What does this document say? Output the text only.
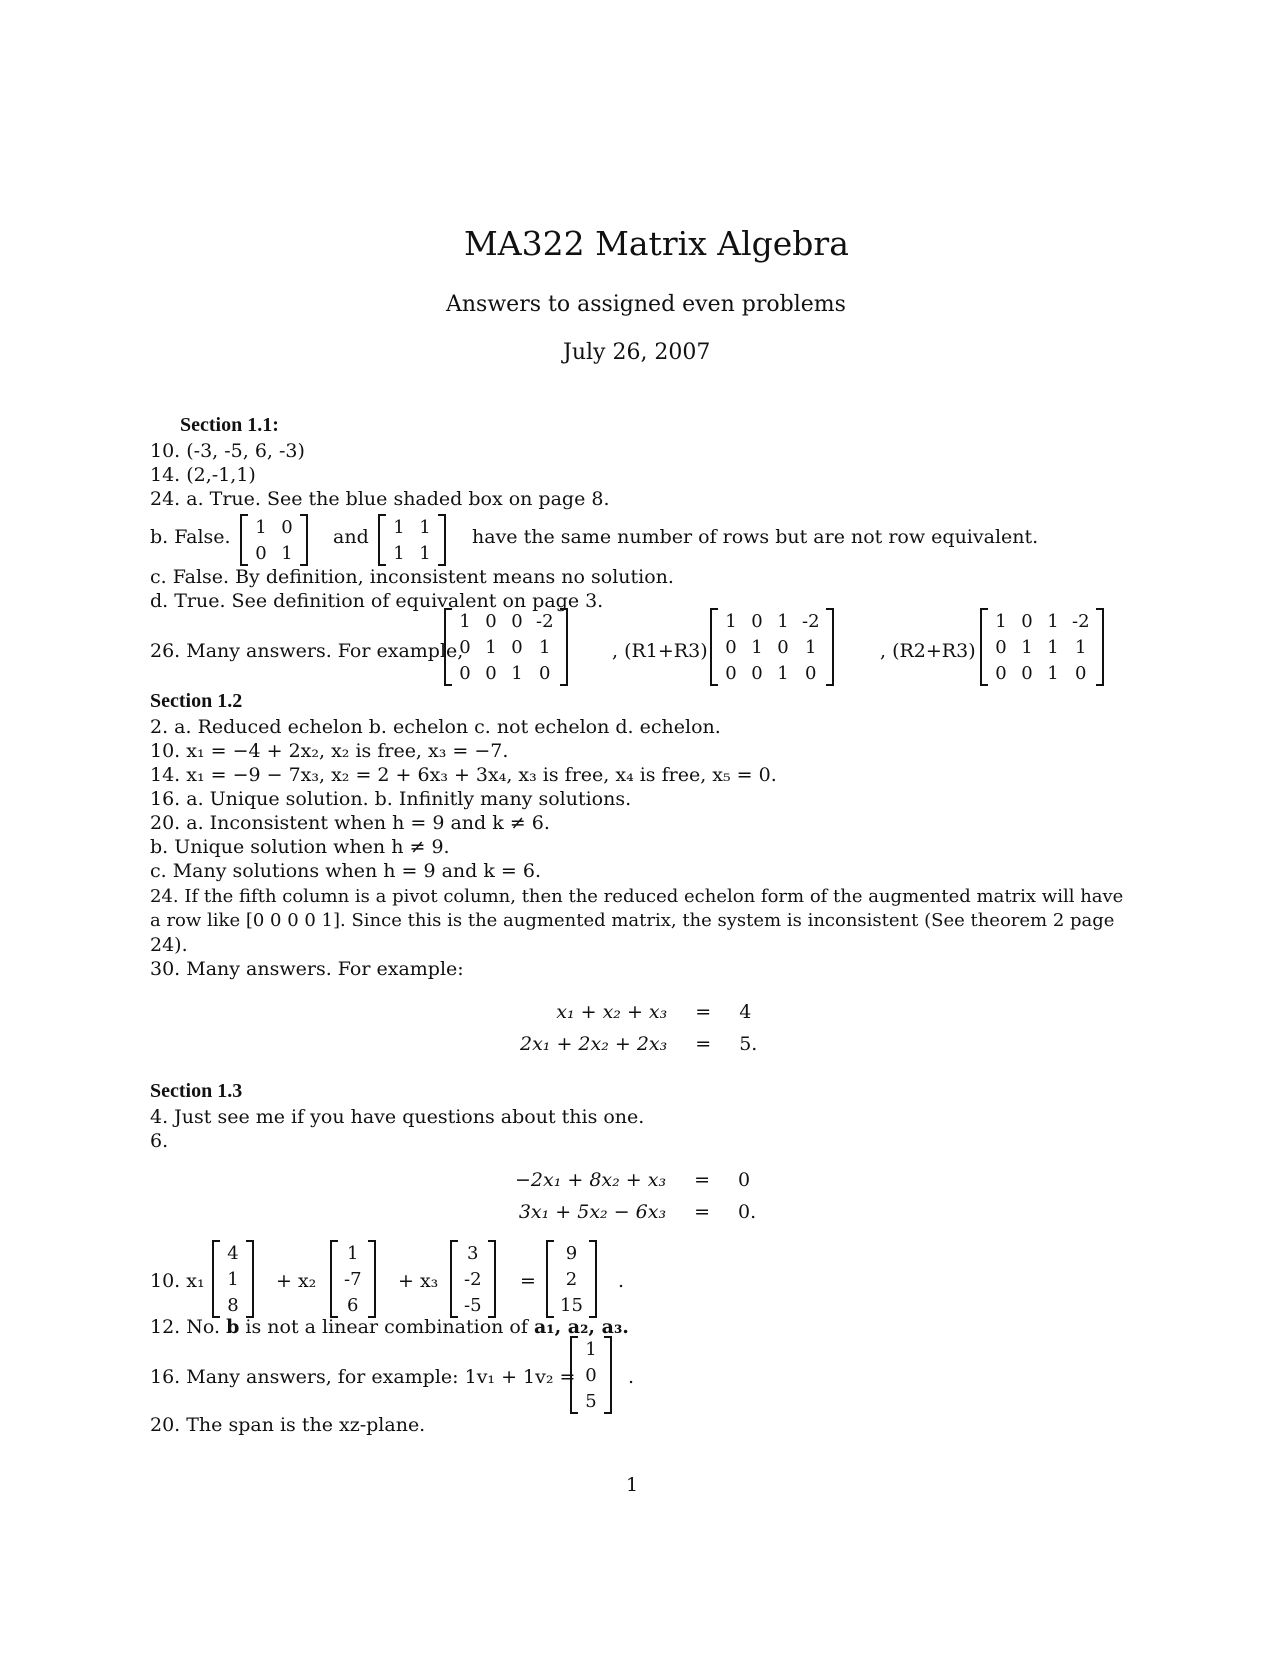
MA322 Matrix Algebra
Answers to assigned even problems
July 26, 2007
Section 1.1:
10. (-3, -5, 6, -3)
14. (2,-1,1)
24. a. True. See the blue shaded box on page 8.
b. False. 1	0
0	1
and 1	1
1	1
have the same number of rows but are not row equivalent.
c. False. By definition, inconsistent means no solution.
d. True. See definition of equivalent on page 3.
26. Many answers. For example,
1	0	0	-2
0	1	0	1
0	0	1	0
, (R1+R3)
1	0	1	-2
0	1	0	1
0	0	1	0
, (R2+R3)
1	0	1	-2
0	1	1	1
0	0	1	0
Section 1.2
2. a. Reduced echelon b. echelon c. not echelon d. echelon.
10. x₁ = −4 + 2x₂, x₂ is free, x₃ = −7.
14. x₁ = −9 − 7x₃, x₂ = 2 + 6x₃ + 3x₄, x₃ is free, x₄ is free, x₅ = 0.
16. a. Unique solution. b. Infinitly many solutions.
20. a. Inconsistent when h = 9 and k ≠ 6.
b. Unique solution when h ≠ 9.
c. Many solutions when h = 9 and k = 6.
24. If the fifth column is a pivot column, then the reduced echelon form of the augmented matrix will have
a row like [0 0 0 0 1]. Since this is the augmented matrix, the system is inconsistent (See theorem 2 page
24).
30. Many answers. For example:
x₁ + x₂ + x₃	=	4
2x₁ + 2x₂ + 2x₃	=	5.
Section 1.3
4. Just see me if you have questions about this one.
6.
−2x₁ + 8x₂ + x₃	=	0
3x₁ + 5x₂ − 6x₃	=	0.
10. x₁
4
1
8
+ x₂
1
-7
6
+ x₃
3
-2
-5
=
9
2
15
.
12. No. b is not a linear combination of a₁, a₂, a₃.
16. Many answers, for example: 1v₁ + 1v₂ =
1
0
5
.
20. The span is the xz-plane.
1
